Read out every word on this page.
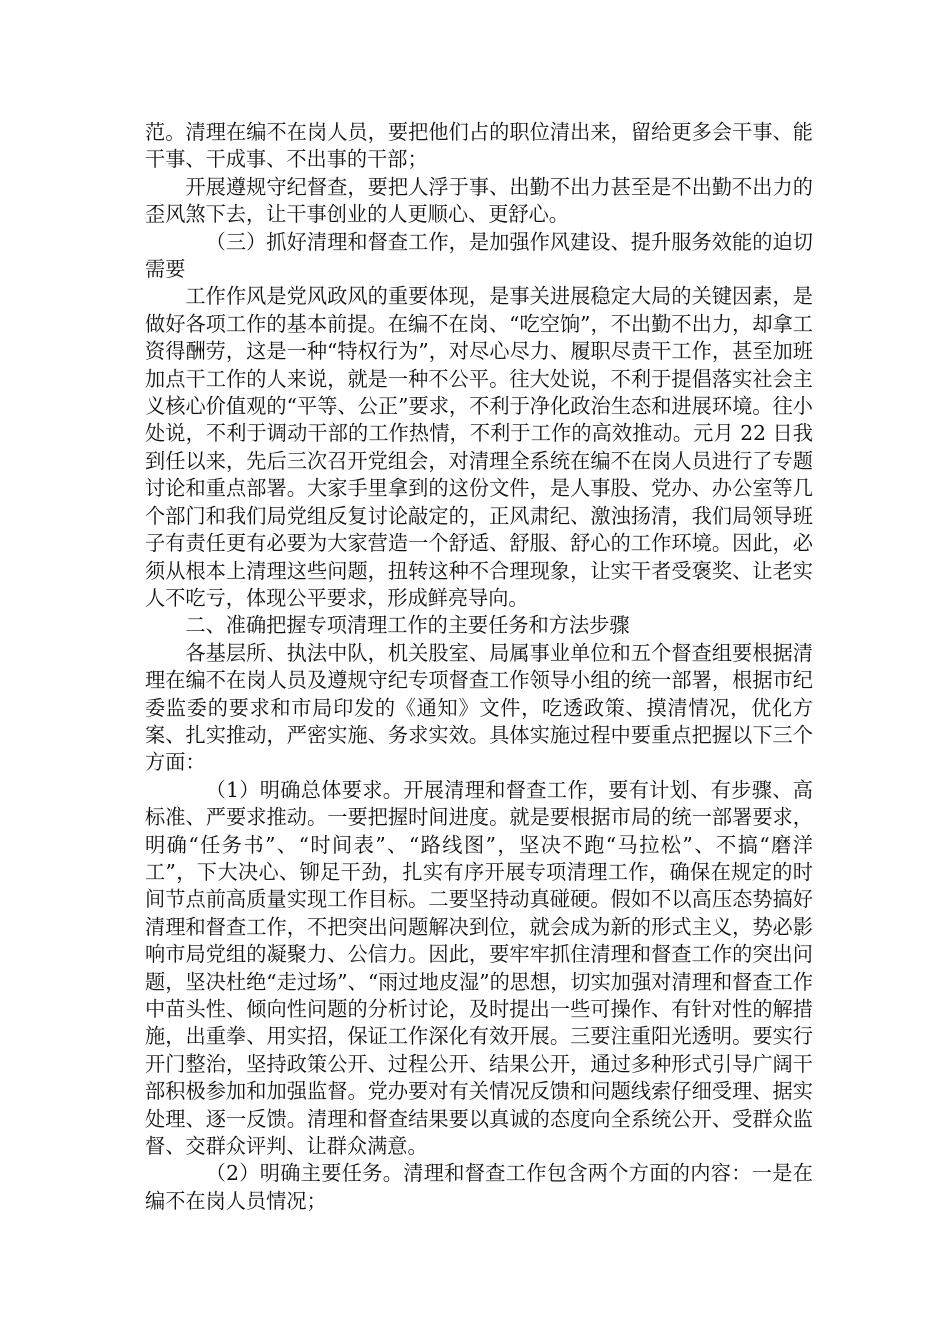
范。清理在编不在岗人员，要把他们占的职位清出来，留给更多会干事、能干事、干成事、不出事的干部；

开展遵规守纪督查，要把人浮于事、出勤不出力甚至是不出勤不出力的歪风煞下去，让干事创业的人更顺心、更舒心。

（三）抓好清理和督查工作，是加强作风建设、提升服务效能的迫切需要

工作作风是党风政风的重要体现，是事关进展稳定大局的关键因素，是做好各项工作的基本前提。在编不在岗、“吃空饷”，不出勤不出力，却拿工资得酬劳，这是一种“特权行为”，对尽心尽力、履职尽责干工作，甚至加班加点干工作的人来说，就是一种不公平。往大处说，不利于提倡落实社会主义核心价值观的“平等、公正”要求，不利于净化政治生态和进展环境。往小处说，不利于调动干部的工作热情，不利于工作的高效推动。元月 22 日我到任以来，先后三次召开党组会，对清理全系统在编不在岗人员进行了专题讨论和重点部署。大家手里拿到的这份文件，是人事股、党办、办公室等几个部门和我们局党组反复讨论敲定的，正风肃纪、激浊扬清，我们局领导班子有责任更有必要为大家营造一个舒适、舒服、舒心的工作环境。因此，必须从根本上清理这些问题，扭转这种不合理现象，让实干者受褒奖、让老实人不吃亏，体现公平要求，形成鲜亮导向。

二、准确把握专项清理工作的主要任务和方法步骤

各基层所、执法中队，机关股室、局属事业单位和五个督查组要根据清理在编不在岗人员及遵规守纪专项督查工作领导小组的统一部署，根据市纪委监委的要求和市局印发的《通知》文件，吃透政策、摸清情况，优化方案、扎实推动，严密实施、务求实效。具体实施过程中要重点把握以下三个方面：

（1）明确总体要求。开展清理和督查工作，要有计划、有步骤、高标准、严要求推动。一要把握时间进度。就是要根据市局的统一部署要求，明确“任务书”、“时间表”、“路线图”，坚决不跑“马拉松”、不搞“磨洋工”，下大决心、铆足干劲，扎实有序开展专项清理工作，确保在规定的时间节点前高质量实现工作目标。二要坚持动真碰硬。假如不以高压态势搞好清理和督查工作，不把突出问题解决到位，就会成为新的形式主义，势必影响市局党组的凝聚力、公信力。因此，要牢牢抓住清理和督查工作的突出问题，坚决杜绝“走过场”、“雨过地皮湿”的思想，切实加强对清理和督查工作中苗头性、倾向性问题的分析讨论，及时提出一些可操作、有针对性的解措施，出重拳、用实招，保证工作深化有效开展。三要注重阳光透明。要实行开门整治，坚持政策公开、过程公开、结果公开，通过多种形式引导广阔干部积极参加和加强监督。党办要对有关情况反馈和问题线索仔细受理、据实处理、逐一反馈。清理和督查结果要以真诚的态度向全系统公开、受群众监督、交群众评判、让群众满意。

（2）明确主要任务。清理和督查工作包含两个方面的内容：一是在编不在岗人员情况；
